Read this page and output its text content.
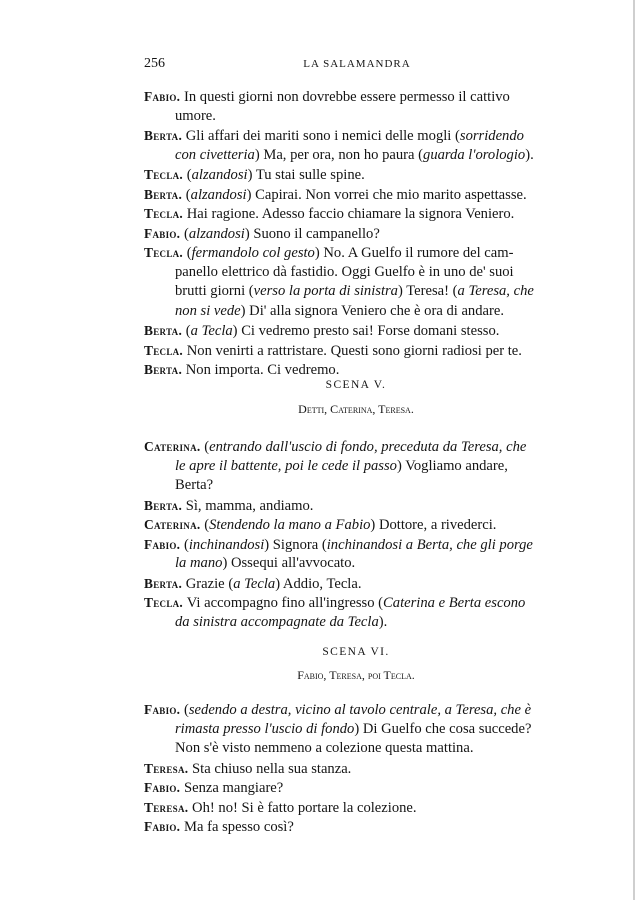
256	LA SALAMANDRA
Fabio. In questi giorni non dovrebbe essere permesso il cattivo
umore.
Berta. Gli affari dei mariti sono i nemici delle mogli (sorridendo
con civetteria) Ma, per ora, non ho paura (guarda l'orologio).
Tecla. (alzandosi) Tu stai sulle spine.
Berta. (alzandosi) Capirai. Non vorrei che mio marito aspettasse.
Tecla. Hai ragione. Adesso faccio chiamare la signora Veniero.
Fabio. (alzandosi) Suono il campanello?
Tecla. (fermandolo col gesto) No. A Guelfo il rumore del cam-
panello elettrico dà fastidio. Oggi Guelfo è in uno de' suoi
brutti giorni (verso la porta di sinistra) Teresa! (a Teresa, che
non si vede) Di' alla signora Veniero che è ora di andare.
Berta. (a Tecla) Ci vedremo presto sai! Forse domani stesso.
Tecla. Non venirti a rattristare. Questi sono giorni radiosi per te.
Berta. Non importa. Ci vedremo.
SCENA V.
Detti, Caterina, Teresa.
Caterina. (entrando dall'uscio di fondo, preceduta da Teresa, che
le apre il battente, poi le cede il passo) Vogliamo andare,
Berta?
Berta. Sì, mamma, andiamo.
Caterina. (Stendendo la mano a Fabio) Dottore, a rivederci.
Fabio. (inchinandosi) Signora (inchinandosi a Berta, che gli porge
la mano) Ossequi all'avvocato.
Berta. Grazie (a Tecla) Addio, Tecla.
Tecla. Vi accompagno fino all'ingresso (Caterina e Berta escono
da sinistra accompagnate da Tecla).
SCENA VI.
Fabio, Teresa, poi Tecla.
Fabio. (sedendo a destra, vicino al tavolo centrale, a Teresa, che è
rimasta presso l'uscio di fondo) Di Guelfo che cosa succede?
Non s'è visto nemmeno a colezione questa mattina.
Teresa. Sta chiuso nella sua stanza.
Fabio. Senza mangiare?
Teresa. Oh! no! Si è fatto portare la colezione.
Fabio. Ma fa spesso così?
